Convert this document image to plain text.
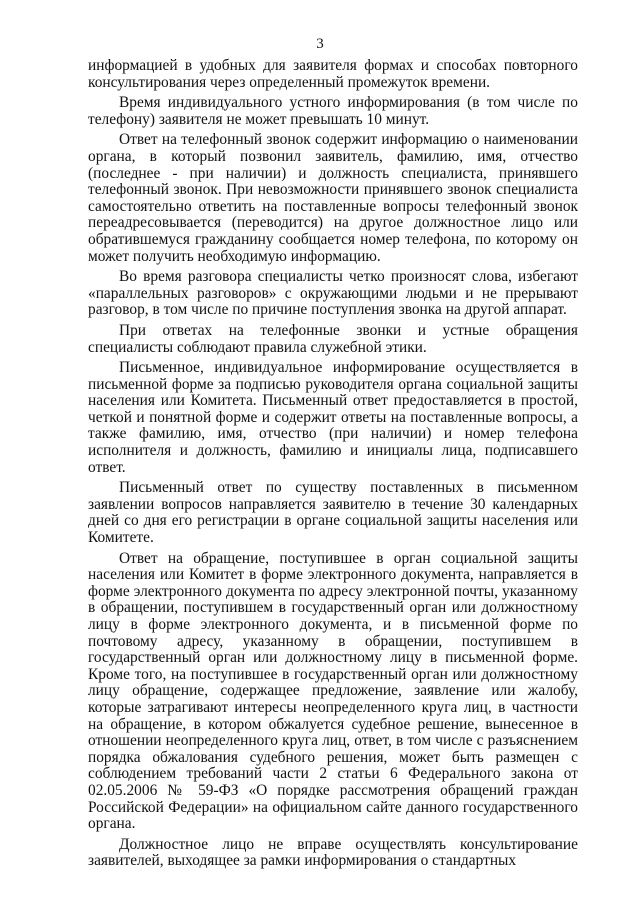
3

информацией в удобных для заявителя формах и способах повторного консультирования через определенный промежуток времени.

Время индивидуального устного информирования (в том числе по телефону) заявителя не может превышать 10 минут.

Ответ на телефонный звонок содержит информацию о наименовании органа, в который позвонил заявитель, фамилию, имя, отчество (последнее - при наличии) и должность специалиста, принявшего телефонный звонок. При невозможности принявшего звонок специалиста самостоятельно ответить на поставленные вопросы телефонный звонок переадресовывается (переводится) на другое должностное лицо или обратившемуся гражданину сообщается номер телефона, по которому он может получить необходимую информацию.

Во время разговора специалисты четко произносят слова, избегают «параллельных разговоров» с окружающими людьми и не прерывают разговор, в том числе по причине поступления звонка на другой аппарат.

При ответах на телефонные звонки и устные обращения специалисты соблюдают правила служебной этики.

Письменное, индивидуальное информирование осуществляется в письменной форме за подписью руководителя органа социальной защиты населения или Комитета. Письменный ответ предоставляется в простой, четкой и понятной форме и содержит ответы на поставленные вопросы, а также фамилию, имя, отчество (при наличии) и номер телефона исполнителя и должность, фамилию и инициалы лица, подписавшего ответ.

Письменный ответ по существу поставленных в письменном заявлении вопросов направляется заявителю в течение 30 календарных дней со дня его регистрации в органе социальной защиты населения или Комитете.

Ответ на обращение, поступившее в орган социальной защиты населения или Комитет в форме электронного документа, направляется в форме электронного документа по адресу электронной почты, указанному в обращении, поступившем в государственный орган или должностному лицу в форме электронного документа, и в письменной форме по почтовому адресу, указанному в обращении, поступившем в государственный орган или должностному лицу в письменной форме. Кроме того, на поступившее в государственный орган или должностному лицу обращение, содержащее предложение, заявление или жалобу, которые затрагивают интересы неопределенного круга лиц, в частности на обращение, в котором обжалуется судебное решение, вынесенное в отношении неопределенного круга лиц, ответ, в том числе с разъяснением порядка обжалования судебного решения, может быть размещен с соблюдением требований части 2 статьи 6 Федерального закона от 02.05.2006 № 59-ФЗ «О порядке рассмотрения обращений граждан Российской Федерации» на официальном сайте данного государственного органа.

Должностное лицо не вправе осуществлять консультирование заявителей, выходящее за рамки информирования о стандартных
